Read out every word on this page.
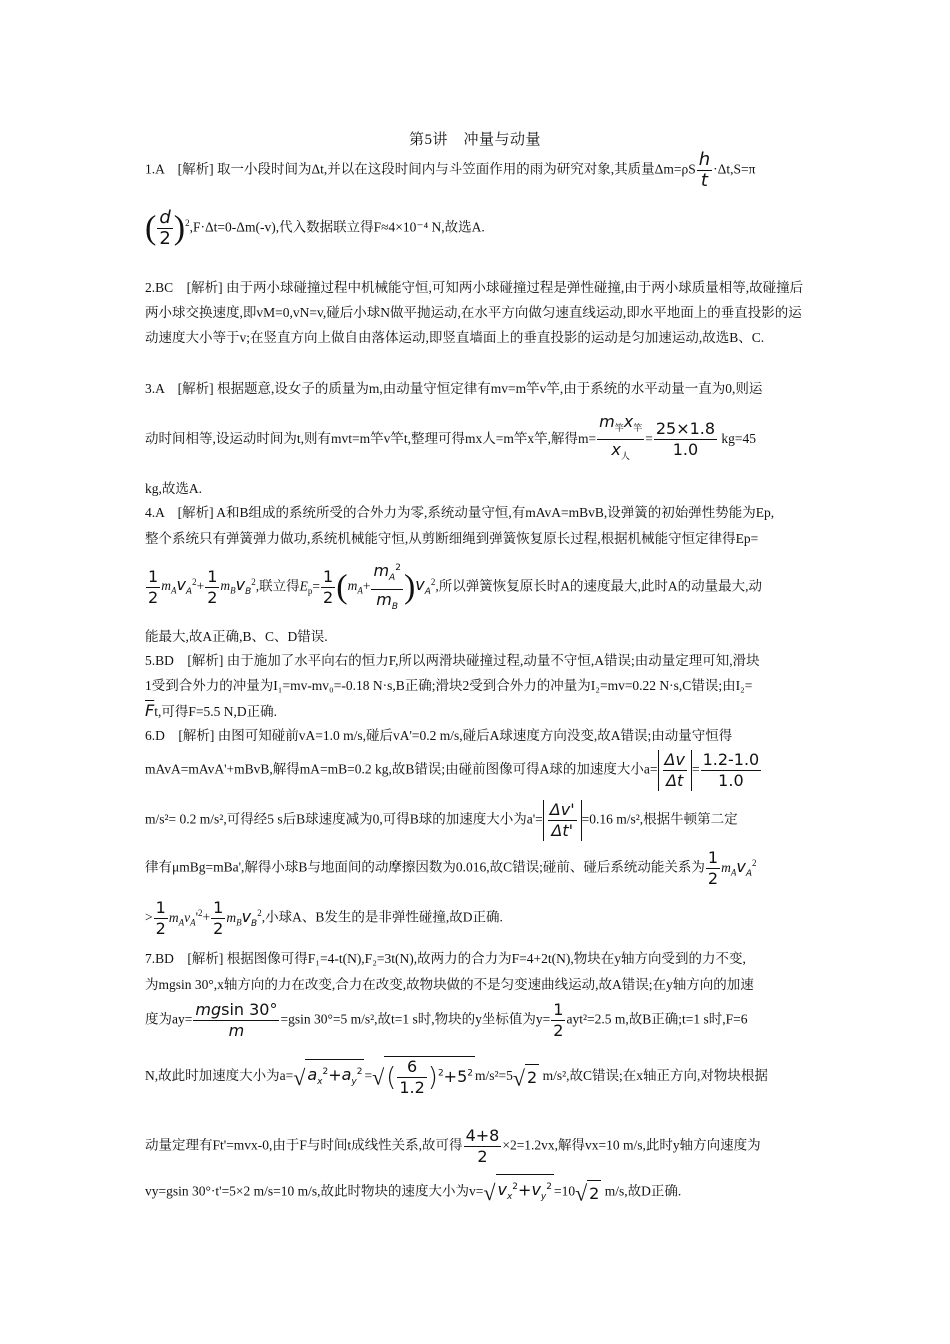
第5讲　冲量与动量
1.A　[解析] 取一小段时间为Δt,并以在这段时间内与斗笠面作用的雨为研究对象,其质量$\Delta m=\rho S \frac{h}{t} \cdot\Delta t,S=\pi$
( $\frac{d}{2} )^2,F\cdot\Delta t=0-\Delta m(-v)$,代入数据联立得F≈4×10⁻⁴ N,故选A.
2.BC　[解析] 由于两小球碰撞过程中机械能守恒,可知两小球碰撞过程是弹性碰撞,由于两小球质量相等,故碰撞后两小球交换速度,即vM=0,vN=v,碰后小球N做平抛运动,在水平方向做匀速直线运动,即水平地面上的垂直投影的运动速度大小等于v;在竖直方向上做自由落体运动,即竖直墙面上的垂直投影的运动是匀加速运动,故选B、C.
3.A　[解析] 根据题意,设女子的质量为m,由动量守恒定律有mv=m竿v竿,由于系统的水平动量一直为0,则运
动时间相等,设运动时间为t,则有mvt=m竿v竿t,整理可得mx人=m竿x竿,解得$m= \frac{m_竿x_竿}{x_人} = \frac{25\times 1.8}{1.0} kg=45$
kg,故选A.
4.A　[解析] A和B组成的系统所受的合外力为零,系统动量守恒,有mAvA=mBvB,设弹簧的初始弹性势能为Ep,
整个系统只有弹簧弹力做功,系统机械能守恒,从剪断细绳到弹簧恢复原长过程,根据机械能守恒定律得Ep=
$\frac{1}{2} m_Av_A^2+ \frac{1}{2} m_Bv_B^2$,联立得$E_p= \frac{1}{2} (m_A+ \frac{m_A^2}{m_B} )v_A^2$,所以弹簧恢复原长时A的速度最大,此时A的动量最大,动
能最大,故A正确,B、C、D错误.
5.BD　[解析] 由于施加了水平向右的恒力F,所以两滑块碰撞过程,动量不守恒,A错误;由动量定理可知,滑块
1受到合外力的冲量为I₁=mv-mv₀=-0.18 N·s,B正确;滑块2受到合外力的冲量为I₂=mv=0.22 N·s,C错误;由I₂=
$\overline{F}t$,可得F=5.5 N,D正确.
6.D　[解析] 由图可知碰前vA=1.0 m/s,碰后vA'=0.2 m/s,碰后A球速度方向没变,故A错误;由动量守恒得
mAvA=mAvA'+mBvB,解得mA=mB=0.2 kg,故B错误;由碰前图像可得A球的加速度大小$a= \frac{\Delta v}{\Delta t} = \frac{1.2-1.0}{1.0}$
m/s²= 0.2 m/s²,可得经5 s后B球速度减为0,可得B球的加速度大小为$a'= \frac{\Delta v'}{\Delta t'} =0.16$ m/s²,根据牛顿第二定
律有μmBg=mBa',解得小球B与地面间的动摩擦因数为0.016,故C错误;碰前、碰后系统动能关系为 $\frac{1}{2} m_Av_A^2$
> $\frac{1}{2} m_Av_A'^2+ \frac{1}{2} m_Bv_B^2$,小球A、B发生的是非弹性碰撞,故D正确.
7.BD　[解析] 根据图像可得F₁=4-t(N),F₂=3t(N),故两力的合力为F=4+2t(N),物块在y轴方向受到的力不变,
为mgsin 30°,x轴方向的力在改变,合力在改变,故物块做的不是匀变速曲线运动,故A错误;在y轴方向的加速
度为$ay= \frac{mgsin 30^\circ}{m} =gsin$ 30°=5 m/s²,故t=1 s时,物块的y坐标值为$y= \frac{1}{2} ayt^2=2.5$ m,故B正确;t=1 s时,F=6
N,故此时加速度大小为a=√ $a_x^2+a_y^2$ =√( $\frac{6}{1.2} )^2+5^2$ m/s²=5√ 2 m/s²,故C错误;在x轴正方向,对物块根据
动量定理有Ft'=mvx-0,由于F与时间t成线性关系,故可得 $\frac{4+8}{2} \times 2=1.2vx$,解得vx=10 m/s,此时y轴方向速度为
vy=gsin 30°·t'=5×2 m/s=10 m/s,故此时物块的速度大小为v=√ $v_x^2+v_y^2 =10√$ 2 m/s,故D正确.
